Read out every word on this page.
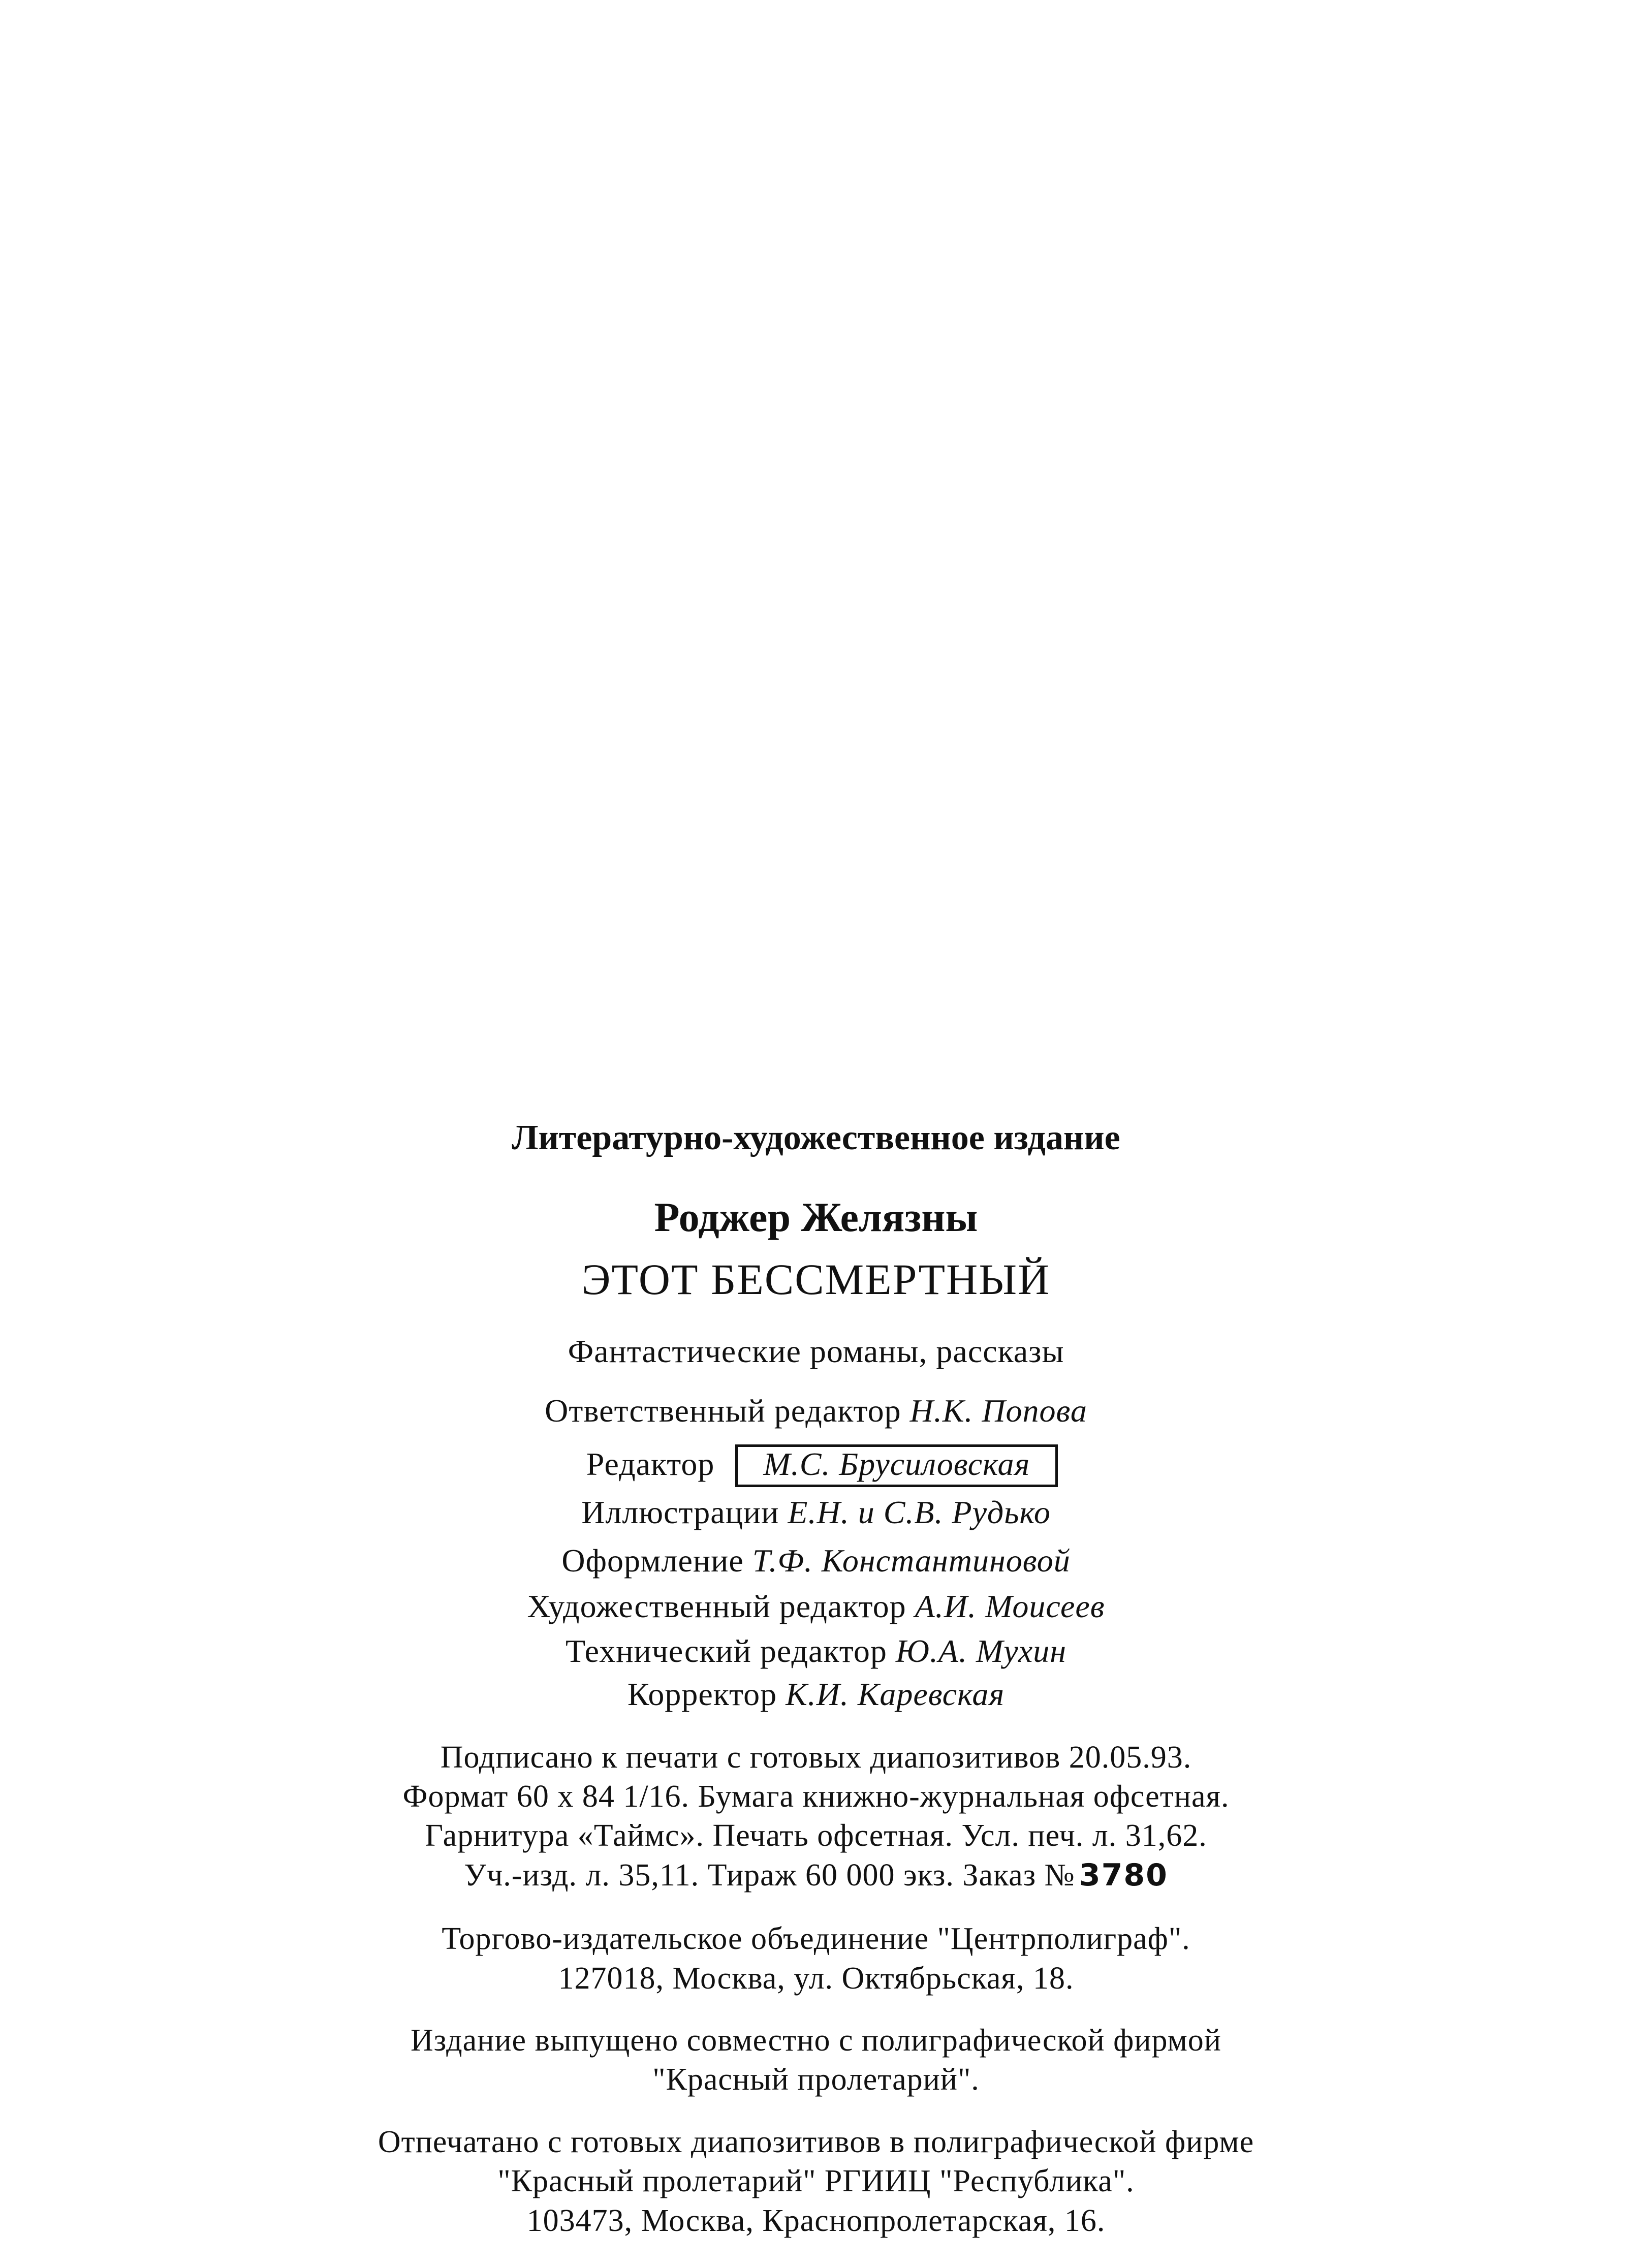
Литературно-художественное издание
Роджер Желязны
ЭТОТ БЕССМЕРТНЫЙ
Фантастические романы, рассказы
Ответственный редактор Н.К. Попова
Редактор М.С. Брусиловская
Иллюстрации Е.Н. и С.В. Рудько
Оформление Т.Ф. Константиновой
Художественный редактор А.И. Моисеев
Технический редактор Ю.А. Мухин
Корректор К.И. Каревская
Подписано к печати с готовых диапозитивов 20.05.93.
Формат 60 х 84 1/16. Бумага книжно-журнальная офсетная.
Гарнитура «Таймс». Печать офсетная. Усл. печ. л. 31,62.
Уч.-изд. л. 35,11. Тираж 60 000 экз. Заказ № 3780
Торгово-издательское объединение "Центрполиграф".
127018, Москва, ул. Октябрьская, 18.
Издание выпущено совместно с полиграфической фирмой
"Красный пролетарий".
Отпечатано с готовых диапозитивов в полиграфической фирме
"Красный пролетарий" РГИИЦ "Республика".
103473, Москва, Краснопролетарская, 16.
